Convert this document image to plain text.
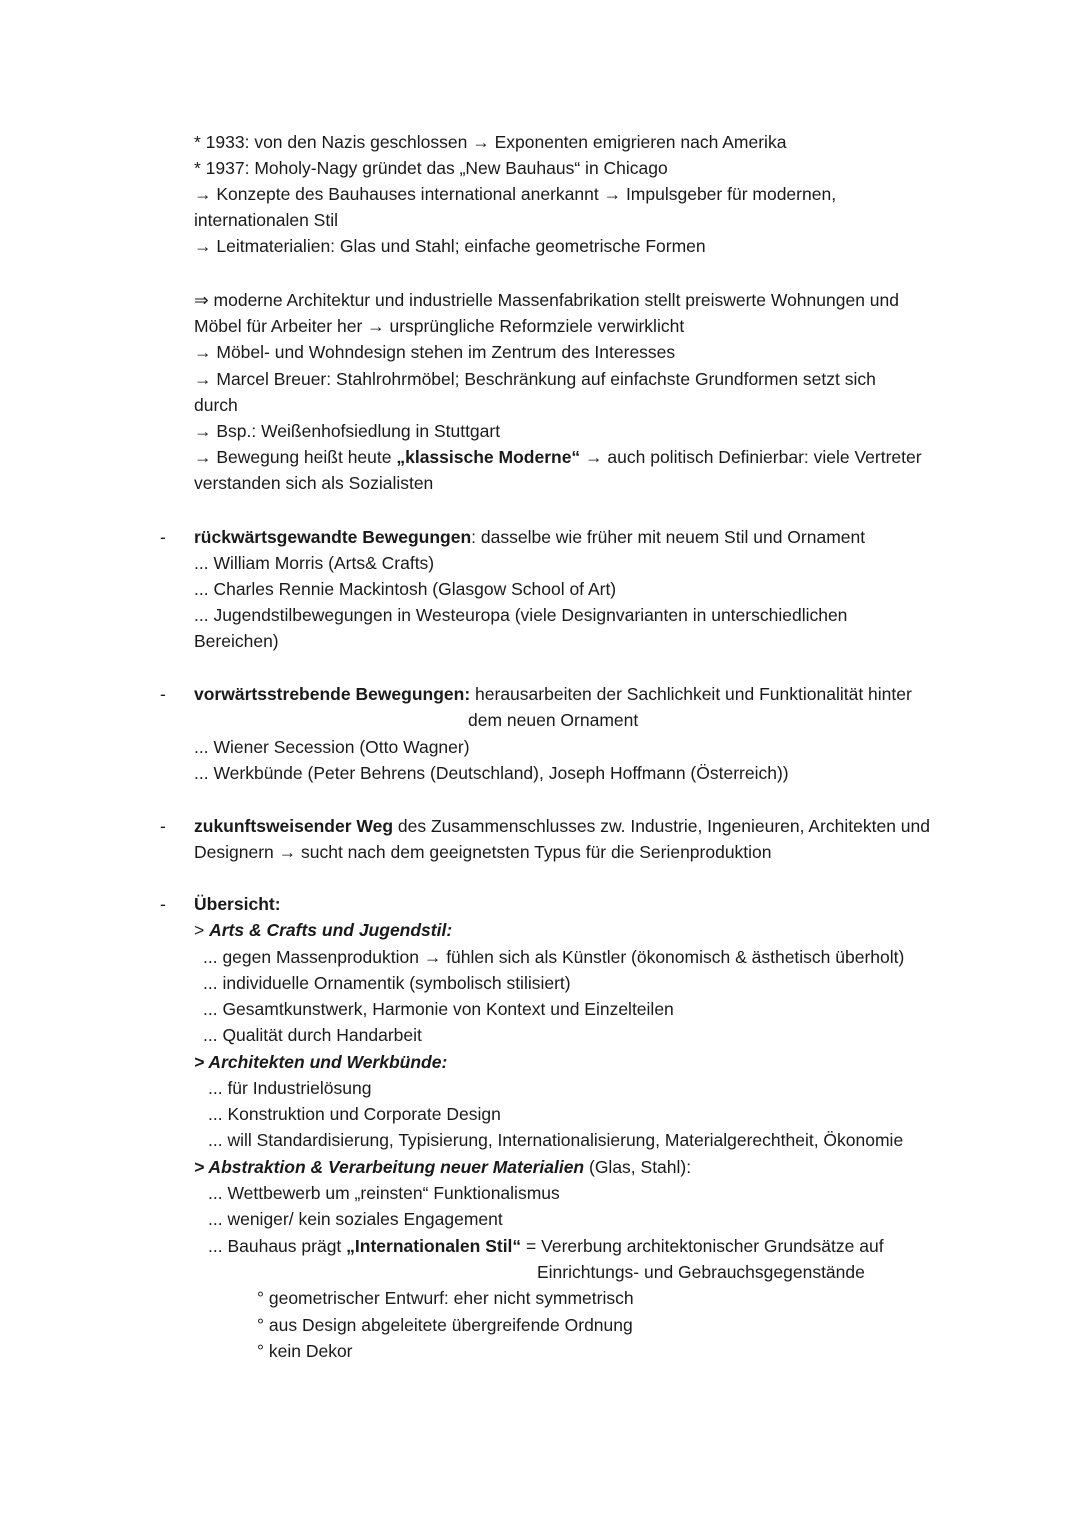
* 1933: von den Nazis geschlossen → Exponenten emigrieren nach Amerika
* 1937: Moholy-Nagy gründet das „New Bauhaus“ in Chicago
→ Konzepte des Bauhauses international anerkannt → Impulsgeber für modernen,
internationalen Stil
→ Leitmaterialien: Glas und Stahl; einfache geometrische Formen
⇒ moderne Architektur und industrielle Massenfabrikation stellt preiswerte Wohnungen und
Möbel für Arbeiter her → ursprüngliche Reformziele verwirklicht
→ Möbel- und Wohndesign stehen im Zentrum des Interesses
→ Marcel Breuer: Stahlrohrmöbel; Beschränkung auf einfachste Grundformen setzt sich
durch
→ Bsp.: Weißenhofsiedlung in Stuttgart
→ Bewegung heißt heute „klassische Moderne“ → auch politisch Definierbar: viele Vertreter
verstanden sich als Sozialisten
- rückwärtsgewandte Bewegungen: dasselbe wie früher mit neuem Stil und Ornament
... William Morris (Arts& Crafts)
... Charles Rennie Mackintosh (Glasgow School of Art)
... Jugendstilbewegungen in Westeuropa (viele Designvarianten in unterschiedlichen
Bereichen)
- vorwärtsstrebende Bewegungen: herausarbeiten der Sachlichkeit und Funktionalität hinter
dem neuen Ornament
... Wiener Secession (Otto Wagner)
... Werkbünde (Peter Behrens (Deutschland), Joseph Hoffmann (Österreich))
- zukunftsweisender Weg des Zusammenschlusses zw. Industrie, Ingenieuren, Architekten und
Designern → sucht nach dem geeignetsten Typus für die Serienproduktion
- Übersicht:
> Arts & Crafts und Jugendstil:
... gegen Massenproduktion → fühlen sich als Künstler (ökonomisch & ästhetisch überholt)
... individuelle Ornamentik (symbolisch stilisiert)
... Gesamtkunstwerk, Harmonie von Kontext und Einzelteilen
... Qualität durch Handarbeit
> Architekten und Werkbünde:
... für Industrielösung
... Konstruktion und Corporate Design
... will Standardisierung, Typisierung, Internationalisierung, Materialgerechtheit, Ökonomie
> Abstraktion & Verarbeitung neuer Materialien (Glas, Stahl):
... Wettbewerb um „reinsten“ Funktionalismus
... weniger/ kein soziales Engagement
... Bauhaus prägt „Internationalen Stil“ = Vererbung architektonischer Grundsätze auf
Einrichtungs- und Gebrauchsgegenstände
° geometrischer Entwurf: eher nicht symmetrisch
° aus Design abgeleitete übergreifende Ordnung
° kein Dekor
